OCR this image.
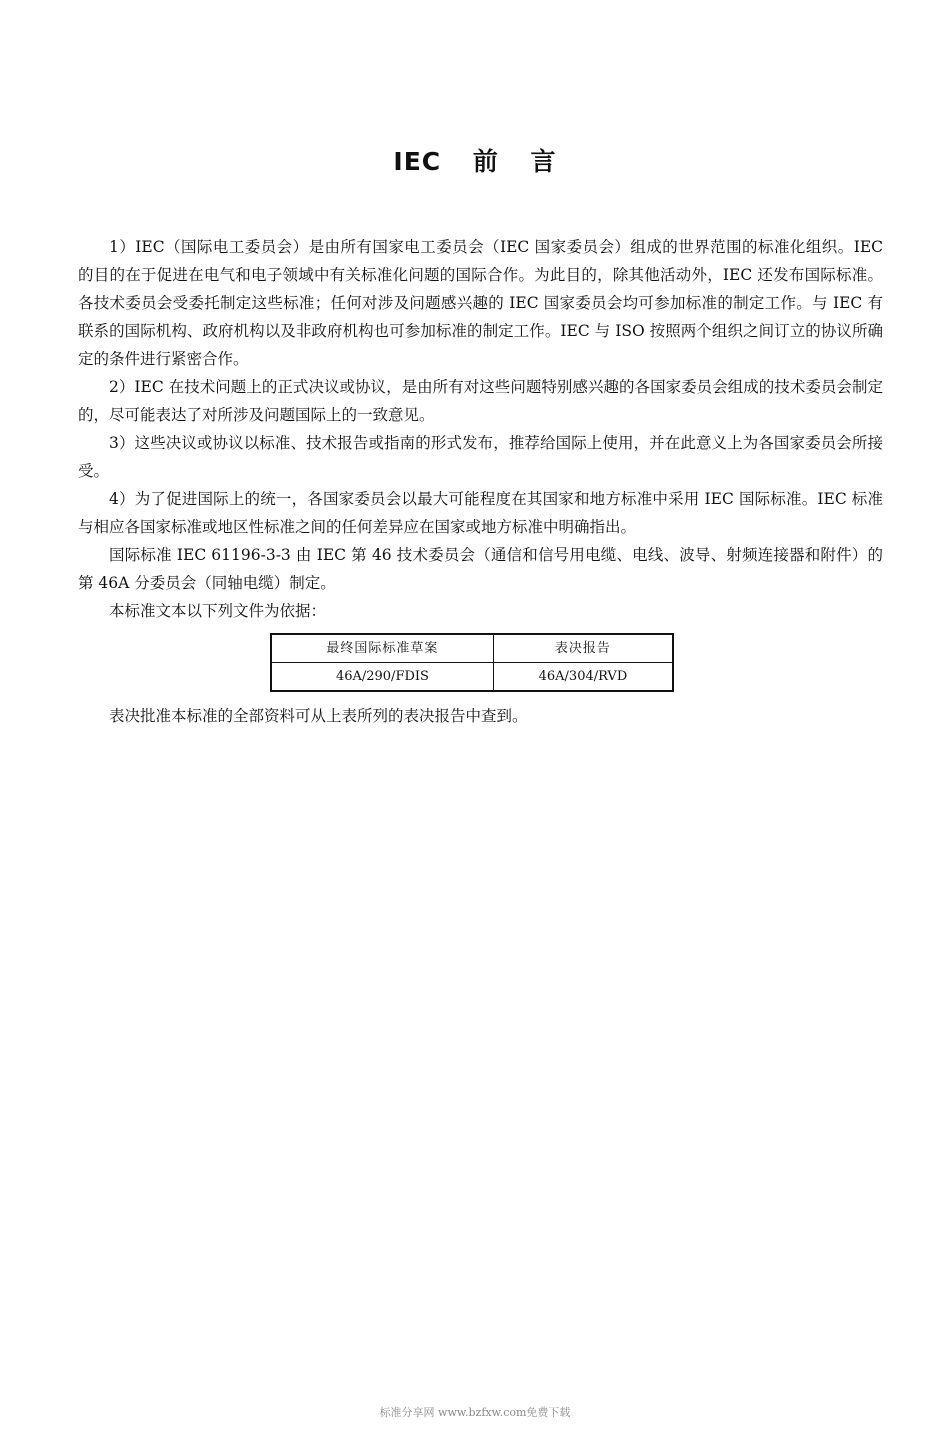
IEC 前 言

1）IEC（国际电工委员会）是由所有国家电工委员会（IEC 国家委员会）组成的世界范围的标准化组织。IEC 的目的在于促进在电气和电子领域中有关标准化问题的国际合作。为此目的，除其他活动外，IEC 还发布国际标准。各技术委员会受委托制定这些标准；任何对涉及问题感兴趣的 IEC 国家委员会均可参加标准的制定工作。与 IEC 有联系的国际机构、政府机构以及非政府机构也可参加标准的制定工作。IEC 与 ISO 按照两个组织之间订立的协议所确定的条件进行紧密合作。

2）IEC 在技术问题上的正式决议或协议，是由所有对这些问题特别感兴趣的各国家委员会组成的技术委员会制定的，尽可能表达了对所涉及问题国际上的一致意见。

3）这些决议或协议以标准、技术报告或指南的形式发布，推荐给国际上使用，并在此意义上为各国家委员会所接受。

4）为了促进国际上的统一，各国家委员会以最大可能程度在其国家和地方标准中采用 IEC 国际标准。IEC 标准与相应各国家标准或地区性标准之间的任何差异应在国家或地方标准中明确指出。

国际标准 IEC 61196-3-3 由 IEC 第 46 技术委员会（通信和信号用电缆、电线、波导、射频连接器和附件）的第 46A 分委员会（同轴电缆）制定。

本标准文本以下列文件为依据：

最终国际标准草案	表决报告
46A/290/FDIS	46A/304/RVD

表决批准本标准的全部资料可从上表所列的表决报告中查到。

标准分享网 www.bzfxw.com免费下载
